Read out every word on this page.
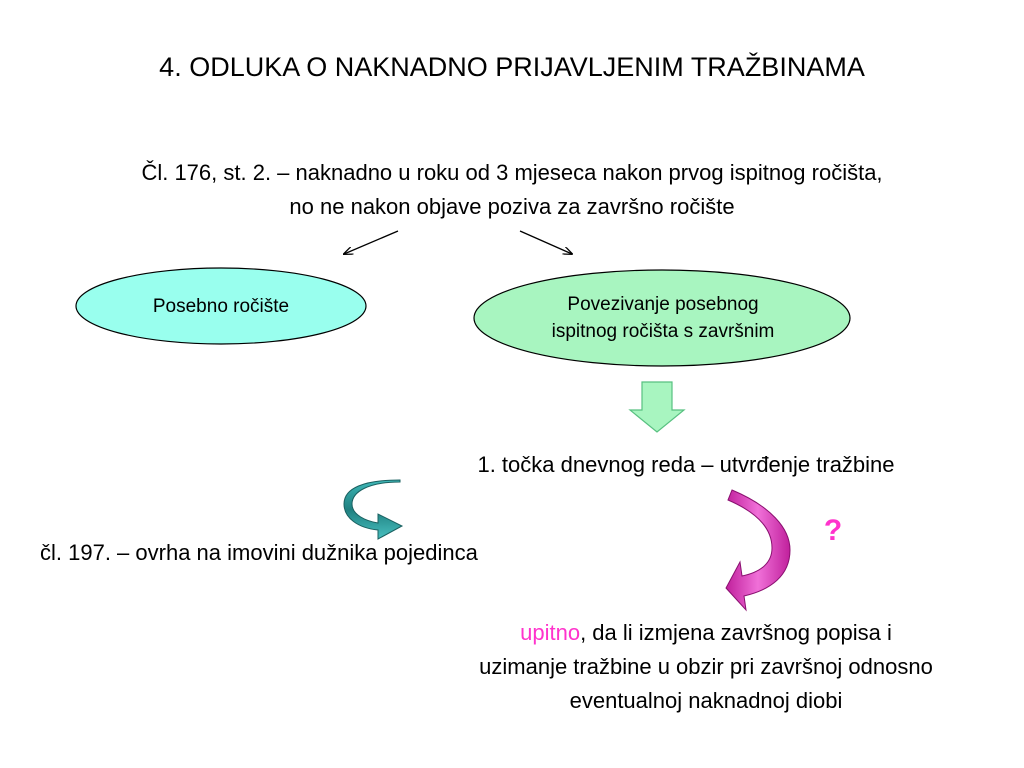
4. ODLUKA O NAKNADNO PRIJAVLJENIM TRAŽBINAMA
Čl. 176, st. 2. – naknadno u roku od 3 mjeseca nakon prvog ispitnog ročišta,
no ne nakon objave poziva za završno ročište
Posebno ročište	Povezivanje posebnog
ispitnog ročišta s završnim
1. točka dnevnog reda – utvrđenje tražbine
čl. 197. – ovrha na imovini dužnika pojedinca
?
upitno, da li izmjena završnog popisa i
uzimanje tražbine u obzir pri završnoj odnosno
eventualnoj naknadnoj diobi
